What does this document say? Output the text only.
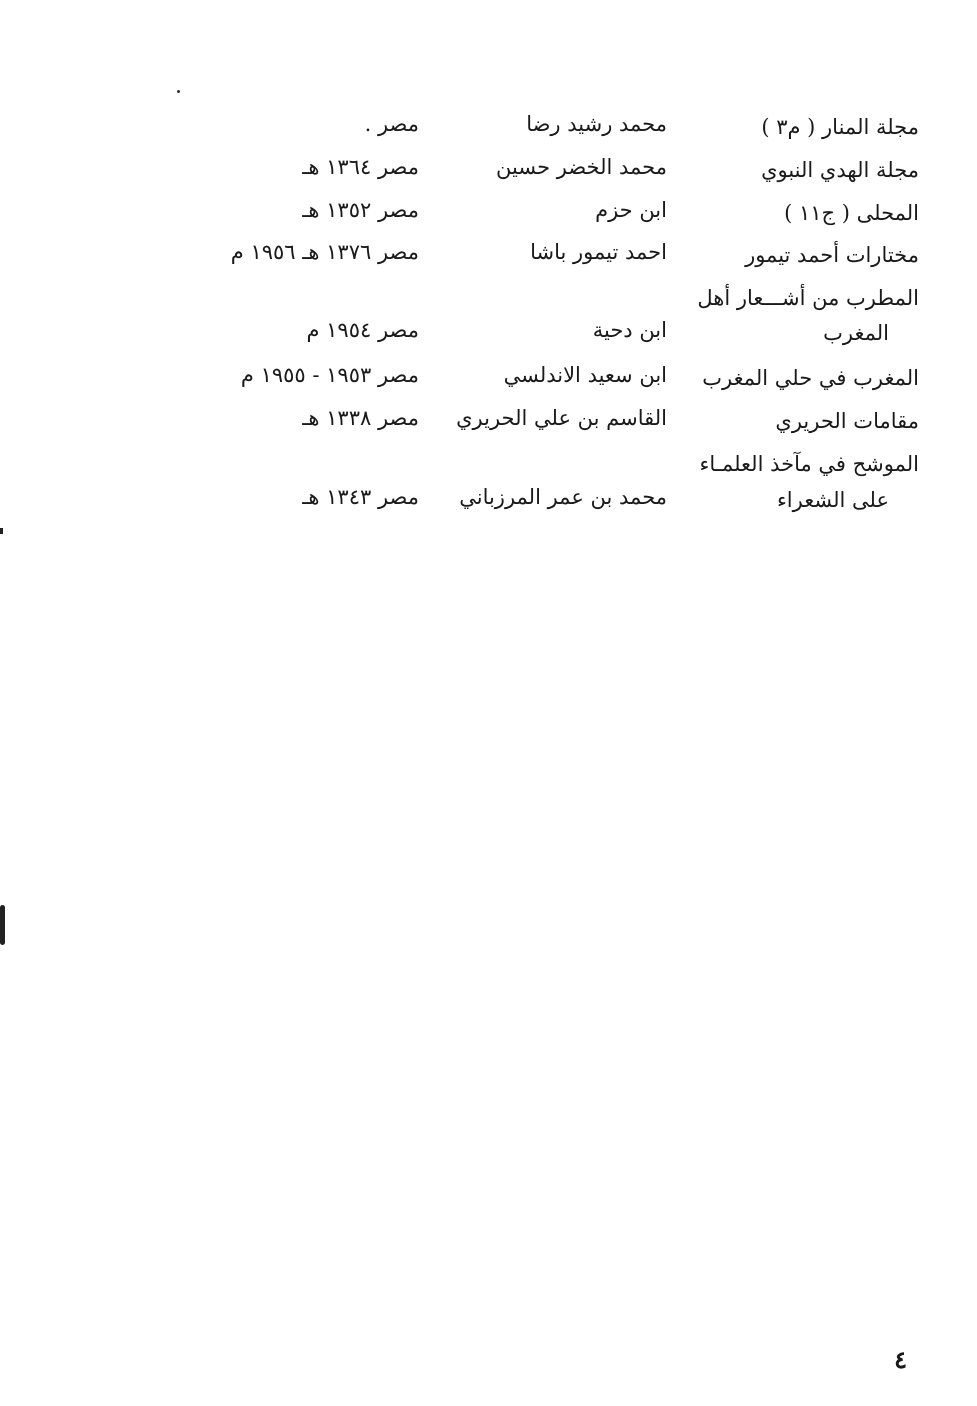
مجلة المنار ( م٣ )
محمد رشيد رضا
مصر .
مجلة الهدي النبوي
محمد الخضر حسين
مصر ١٣٦٤ هـ
المحلى ( ج١١ )
ابن حزم
مصر ١٣٥٢ هـ
مختارات أحمد تيمور
احمد تيمور باشا
مصر ١٣٧٦ هـ ١٩٥٦ م
المطرب من أشـــعار أهل
المغرب
ابن دحية
مصر ١٩٥٤ م
المغرب في حلي المغرب
ابن سعيد الاندلسي
مصر ١٩٥٣ - ١٩٥٥ م
مقامات الحريري
القاسم بن علي الحريري
مصر ١٣٣٨ هـ
الموشح في مآخذ العلمـاء
على الشعراء
محمد بن عمر المرزباني
مصر ١٣٤٣ هـ
٤
